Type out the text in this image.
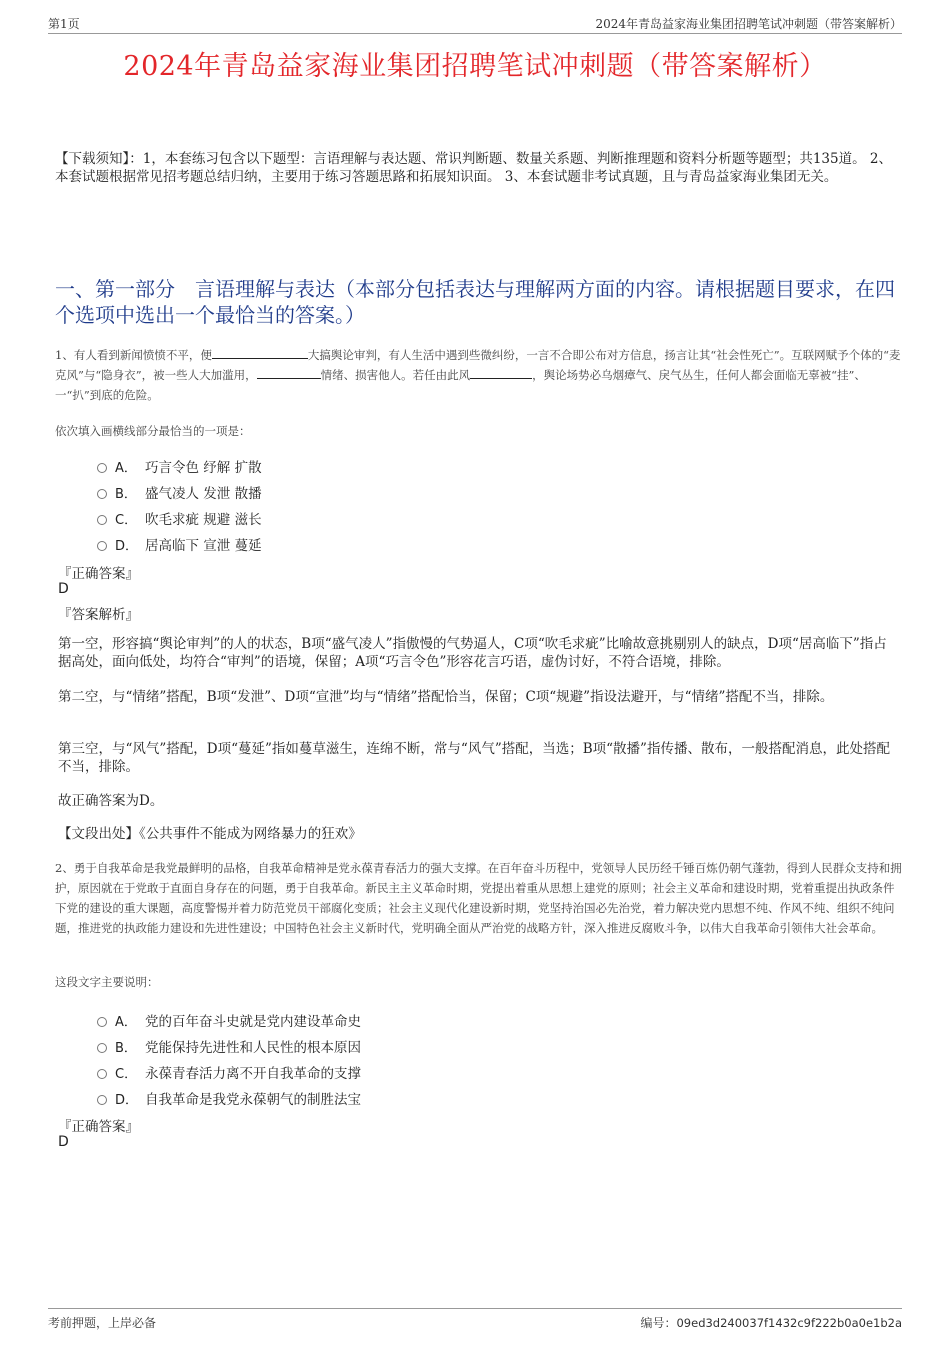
第1页	2024年青岛益家海业集团招聘笔试冲刺题（带答案解析）
2024年青岛益家海业集团招聘笔试冲刺题（带答案解析）
【下载须知】：1，本套练习包含以下题型：言语理解与表达题、常识判断题、数量关系题、判断推理题和资料分析题等题型；共135道。 2、本套试题根据常见招考题总结归纳，主要用于练习答题思路和拓展知识面。 3、本套试题非考试真题，且与青岛益家海业集团无关。
一、第一部分　言语理解与表达（本部分包括表达与理解两方面的内容。请根据题目要求，在四个选项中选出一个最恰当的答案。）
1、有人看到新闻愤愤不平，便	大搞舆论审判，有人生活中遇到些微纠纷，一言不合即公布对方信息，扬言让其“社会性死亡”。互联网赋予个体的“麦克风”与“隐身衣”，被一些人大加滥用，	情绪、损害他人。若任由此风	，舆论场势必乌烟瘴气、戾气丛生，任何人都会面临无辜被“挂”、一“扒”到底的危险。
依次填入画横线部分最恰当的一项是：
A． 巧言令色 纾解 扩散
B． 盛气凌人 发泄 散播
C． 吹毛求疵 规避 滋长
D． 居高临下 宣泄 蔓延
『正确答案』
D
『答案解析』
第一空，形容搞“舆论审判”的人的状态，B项“盛气凌人”指傲慢的气势逼人，C项“吹毛求疵”比喻故意挑剔别人的缺点，D项“居高临下”指占据高处，面向低处，均符合“审判”的语境，保留；A项“巧言令色”形容花言巧语，虚伪讨好，不符合语境，排除。
第二空，与“情绪”搭配，B项“发泄”、D项“宣泄”均与“情绪”搭配恰当，保留；C项“规避”指设法避开，与“情绪”搭配不当，排除。
第三空，与“风气”搭配，D项“蔓延”指如蔓草滋生，连绵不断，常与“风气”搭配，当选；B项“散播”指传播、散布，一般搭配消息，此处搭配不当，排除。
故正确答案为D。
【文段出处】《公共事件不能成为网络暴力的狂欢》
2、勇于自我革命是我党最鲜明的品格，自我革命精神是党永葆青春活力的强大支撑。在百年奋斗历程中，党领导人民历经千锤百炼仍朝气蓬勃，得到人民群众支持和拥护，原因就在于党敢于直面自身存在的问题，勇于自我革命。新民主主义革命时期，党提出着重从思想上建党的原则；社会主义革命和建设时期，党着重提出执政条件下党的建设的重大课题，高度警惕并着力防范党员干部腐化变质；社会主义现代化建设新时期，党坚持治国必先治党，着力解决党内思想不纯、作风不纯、组织不纯问题，推进党的执政能力建设和先进性建设；中国特色社会主义新时代，党明确全面从严治党的战略方针，深入推进反腐败斗争，以伟大自我革命引领伟大社会革命。
这段文字主要说明：
A． 党的百年奋斗史就是党内建设革命史
B． 党能保持先进性和人民性的根本原因
C． 永葆青春活力离不开自我革命的支撑
D． 自我革命是我党永葆朝气的制胜法宝
『正确答案』
D
考前押题，上岸必备	编号：09ed3d240037f1432c9f222b0a0e1b2a
